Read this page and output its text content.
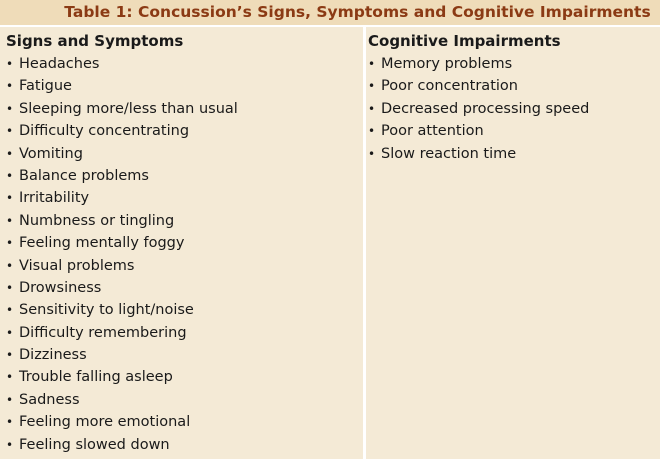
Table 1: Concussion’s Signs, Symptoms and Cognitive Impairments
Signs and Symptoms
• Headaches
• Fatigue
• Sleeping more/less than usual
• Difficulty concentrating
• Vomiting
• Balance problems
• Irritability
• Numbness or tingling
• Feeling mentally foggy
• Visual problems
• Drowsiness
• Sensitivity to light/noise
• Difficulty remembering
• Dizziness
• Trouble falling asleep
• Sadness
• Feeling more emotional
• Feeling slowed down
Cognitive Impairments
• Memory problems
• Poor concentration
• Decreased processing speed
• Poor attention
• Slow reaction time
